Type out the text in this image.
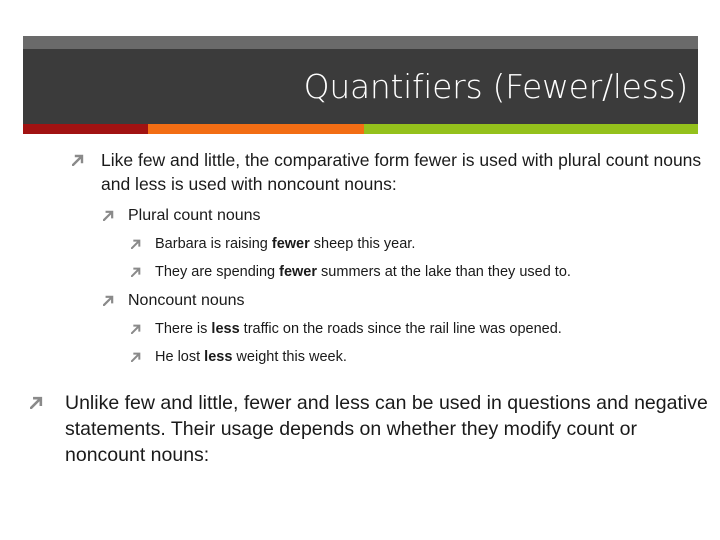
Quantifiers (Fewer/less)
Like few and little, the comparative form fewer is used with plural count nouns and less is used with noncount nouns:
Plural count nouns
Barbara is raising fewer sheep this year.
They are spending fewer summers at the lake than they used to.
Noncount nouns
There is less traffic on the roads since the rail line was opened.
He lost less weight this week.
Unlike few and little, fewer and less can be used in questions and negative statements. Their usage depends on whether they modify count or noncount nouns:
